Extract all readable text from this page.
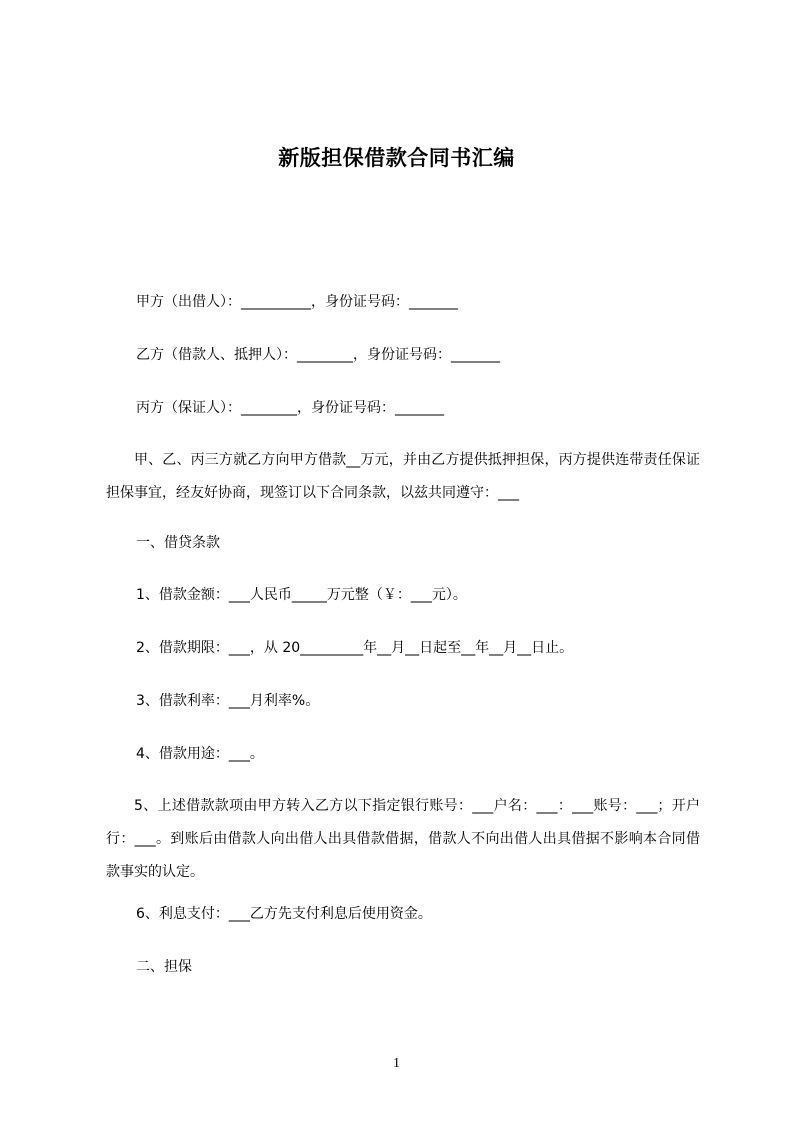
新版担保借款合同书汇编
甲方（出借人）：__________，身份证号码：_______
乙方（借款人、抵押人）：________，身份证号码：_______
丙方（保证人）：________，身份证号码：_______
甲、乙、丙三方就乙方向甲方借款__万元，并由乙方提供抵押担保，丙方提供连带责任保证担保事宜，经友好协商，现签订以下合同条款，以兹共同遵守：___
一、借贷条款
1、借款金额：___人民币_____万元整（￥：___元）。
2、借款期限：___，从 20_________年__月__日起至__年__月__日止。
3、借款利率：___月利率%。
4、借款用途：___。
5、上述借款款项由甲方转入乙方以下指定银行账号：___户名：___：___账号：___；开户行：___。到账后由借款人向出借人出具借款借据，借款人不向出借人出具借据不影响本合同借款事实的认定。
6、利息支付：___乙方先支付利息后使用资金。
二、担保
1
